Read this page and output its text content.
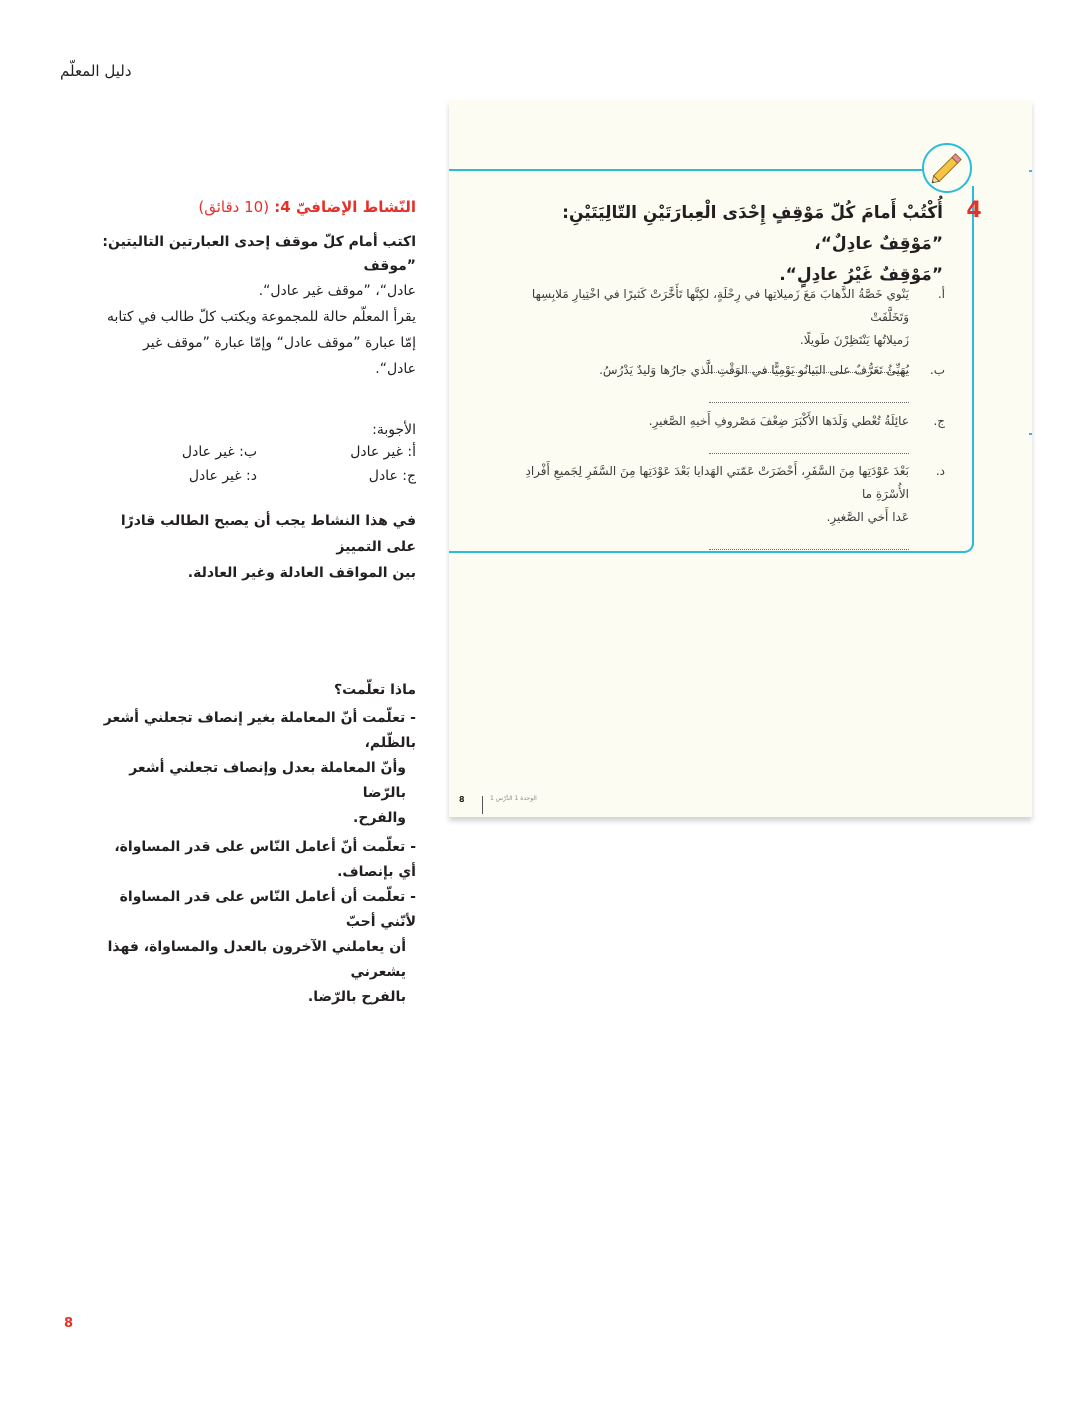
دليل المعلّم

النّشاط الإضافيّ 4: (10 دقائق)

اكتب أمام كلّ موقف إحدى العبارتين التاليتين: ”موقف

عادل“، ”موقف غير عادل“.

يقرأ المعلّم حالة للمجموعة ويكتب كلّ طالب في كتابه

إمّا عبارة ”موقف عادل“ وإمّا عبارة ”موقف غير عادل“.

الأجوبة:

أ: غير عادل
ب: غير عادل
ج: عادل
د: غير عادل

في هذا النشاط يجب أن يصبح الطالب قادرًا على التمييز

بين المواقف العادلة وغير العادلة.

ماذا تعلّمت؟

- تعلّمت أنّ المعاملة بغير إنصاف تجعلني أشعر بالظّلم،

وأنّ المعاملة بعدل وإنصاف تجعلني أشعر بالرّضا

والفرح.

- تعلّمت أنّ أعامل النّاس على قدر المساواة، أي بإنصاف.

- تعلّمت أن أعامل النّاس على قدر المساواة لأنّني أحبّ

أن يعاملني الآخرون بالعدل والمساواة، فهذا يشعرني

بالفرح بالرّضا.

4
أُكْتُبْ أَمامَ كُلّ مَوْقِفٍ إِحْدَى الْعِبارَتَيْنِ التّالِيَتَيْنِ: ”مَوْقِفٌ عادِلٌ“،
”مَوْقِفٌ غَيْرُ عادِلٍ“.
أ.
يَنْوي خَصَّةُ الذَّهابَ مَعَ زَميلاتِها في رِحْلَةٍ، لكِنَّها تَأَخَّرَتْ كَثيرًا في اخْتِيارِ مَلابِسِها وَتَخَلَّفَتْ
زَميلاتُها يَنْتَظِرْنَ طَويلًا.
ب.
يُهَيِّئُ تَعَرُّفٌ على البَيانُو يَوْمِيًّا في الوَقْتِ الَّذي جارُها وَليدٌ يَدْرُسُ.
ج.
عائِلَةُ تُعْطي وَلَدَها الأَكْبَرَ ضِعْفَ مَصْروفِ أَخيهِ الصَّغيرِ.
د.
بَعْدَ عَوْدَتِها مِنَ السَّفَرِ، أَحْضَرَتْ عَمّتي الهَدايا بَعْدَ عَوْدَتِها مِنَ السَّفَرِ لِجَميعِ أَفْرادِ الأُسْرَةِ ما
عَدا أَخي الصَّغيرِ.
8	الوحدة 1 الدَّرْس 1
8
